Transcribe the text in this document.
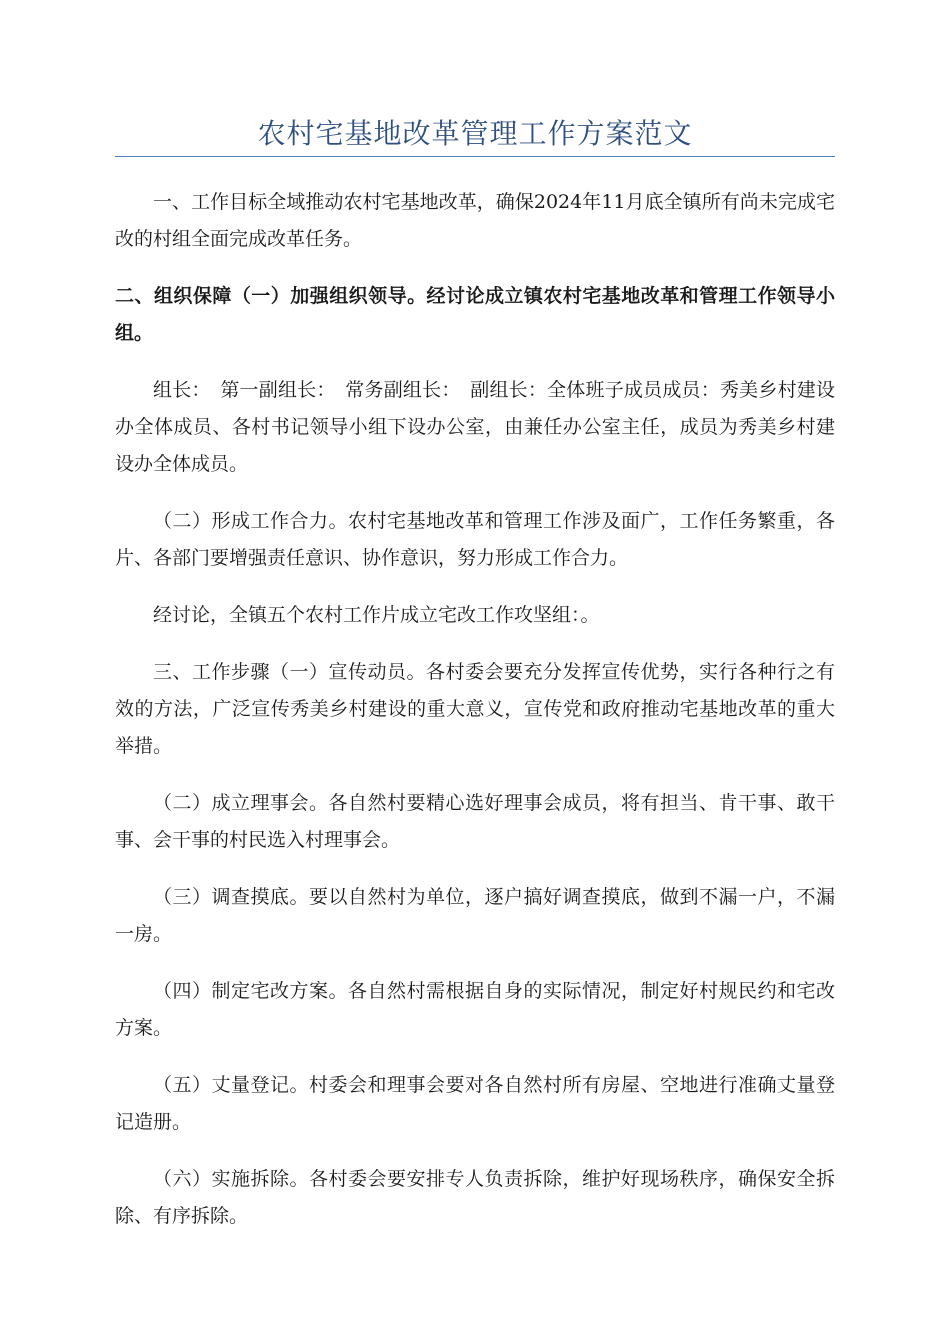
农村宅基地改革管理工作方案范文

一、工作目标全域推动农村宅基地改革，确保2024年11月底全镇所有尚未完成宅改的村组全面完成改革任务。

二、组织保障（一）加强组织领导。经讨论成立镇农村宅基地改革和管理工作领导小组。

组长：　第一副组长：　常务副组长：　副组长：全体班子成员成员：秀美乡村建设办全体成员、各村书记领导小组下设办公室，由兼任办公室主任，成员为秀美乡村建设办全体成员。

（二）形成工作合力。农村宅基地改革和管理工作涉及面广，工作任务繁重，各片、各部门要增强责任意识、协作意识，努力形成工作合力。

经讨论，全镇五个农村工作片成立宅改工作攻坚组：。

三、工作步骤（一）宣传动员。各村委会要充分发挥宣传优势，实行各种行之有效的方法，广泛宣传秀美乡村建设的重大意义，宣传党和政府推动宅基地改革的重大举措。

（二）成立理事会。各自然村要精心选好理事会成员，将有担当、肯干事、敢干事、会干事的村民选入村理事会。

（三）调查摸底。要以自然村为单位，逐户搞好调查摸底，做到不漏一户，不漏一房。

（四）制定宅改方案。各自然村需根据自身的实际情况，制定好村规民约和宅改方案。

（五）丈量登记。村委会和理事会要对各自然村所有房屋、空地进行准确丈量登记造册。

（六）实施拆除。各村委会要安排专人负责拆除，维护好现场秩序，确保安全拆除、有序拆除。
